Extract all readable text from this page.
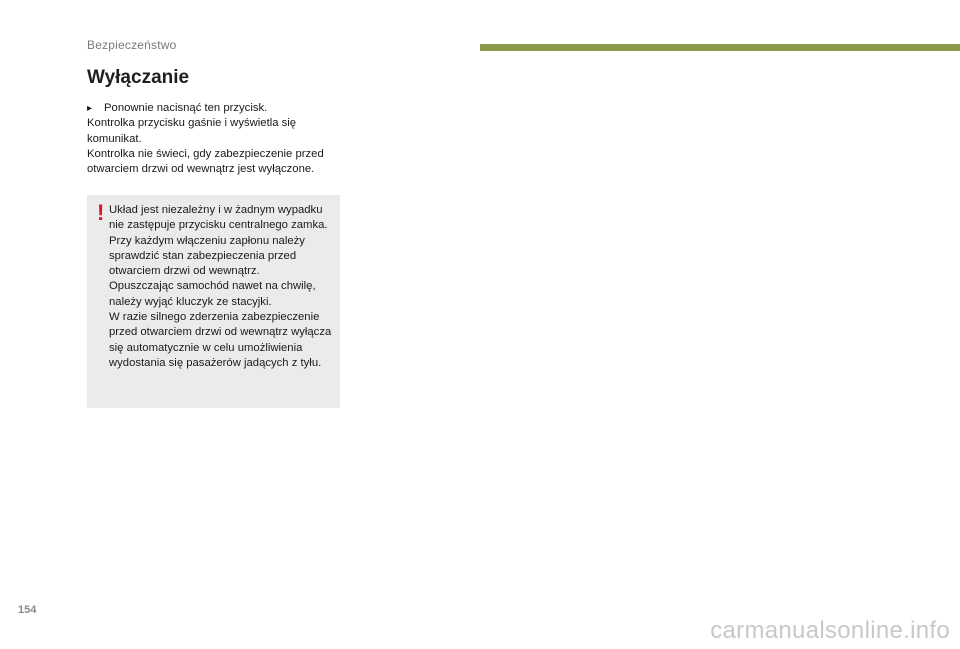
Bezpieczeństwo
Wyłączanie
▸	Ponownie nacisnąć ten przycisk.
Kontrolka przycisku gaśnie i wyświetla się komunikat.
Kontrolka nie świeci, gdy zabezpieczenie przed otwarciem drzwi od wewnątrz jest wyłączone.
! Układ jest niezależny i w żadnym wypadku nie zastępuje przycisku centralnego zamka.
Przy każdym włączeniu zapłonu należy sprawdzić stan zabezpieczenia przed otwarciem drzwi od wewnątrz.
Opuszczając samochód nawet na chwilę, należy wyjąć kluczyk ze stacyjki.
W razie silnego zderzenia zabezpieczenie przed otwarciem drzwi od wewnątrz wyłącza się automatycznie w celu umożliwienia wydostania się pasażerów jadących z tyłu.
154
carmanualsonline.info
